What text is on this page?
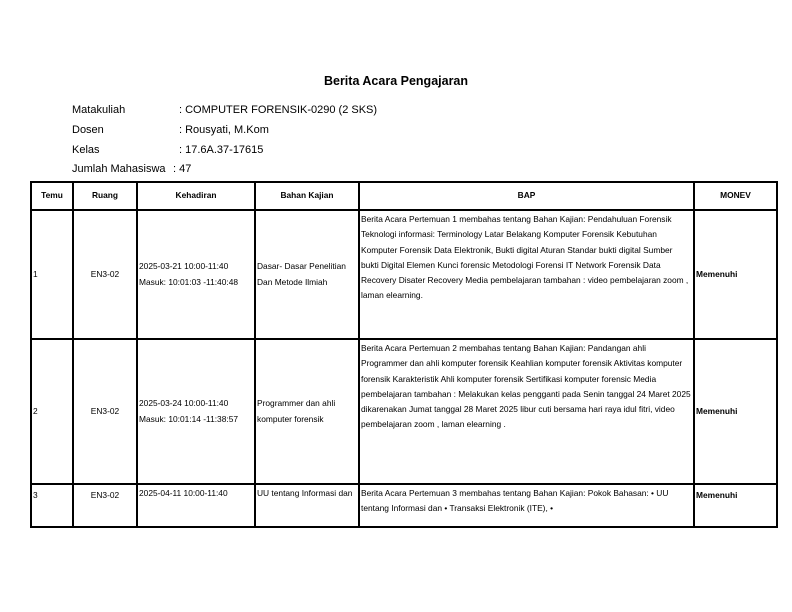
Berita Acara Pengajaran
Matakuliah	: COMPUTER FORENSIK-0290 (2 SKS)
Dosen	: Rousyati, M.Kom
Kelas	: 17.6A.37-17615
Jumlah Mahasiswa : 47
Temu	Ruang	Kehadiran	Bahan Kajian	BAP	MONEV
1	EN3-02	2025-03-21 10:00-11:40
Masuk: 10:01:03 -11:40:48	Dasar- Dasar Penelitian Dan Metode Ilmiah	Berita Acara Pertemuan 1 membahas tentang Bahan Kajian: Pendahuluan Forensik Teknologi informasi: Terminology Latar Belakang Komputer Forensik Kebutuhan Komputer Forensik Data Elektronik, Bukti digital Aturan Standar bukti digital Sumber bukti Digital Elemen Kunci forensic Metodologi Forensi IT Network Forensik Data Recovery Disater Recovery Media pembelajaran tambahan : video pembelajaran zoom , laman elearning.	Memenuhi
2	EN3-02	2025-03-24 10:00-11:40
Masuk: 10:01:14 -11:38:57	Programmer dan ahli komputer forensik	Berita Acara Pertemuan 2 membahas tentang Bahan Kajian: Pandangan ahli Programmer dan ahli komputer forensik Keahlian komputer forensik Aktivitas komputer forensik Karakteristik Ahli komputer forensik Sertifikasi komputer forensic Media pembelajaran tambahan : Melakukan kelas pengganti pada Senin tanggal 24 Maret 2025 dikarenakan Jumat tanggal 28 Maret 2025 libur cuti bersama hari raya idul fitri, video pembelajaran zoom , laman elearning .	Memenuhi
3	EN3-02	2025-04-11 10:00-11:40	UU tentang Informasi dan	Berita Acara Pertemuan 3 membahas tentang Bahan Kajian: Pokok Bahasan: • UU tentang Informasi dan • Transaksi Elektronik (ITE), •	Memenuhi
